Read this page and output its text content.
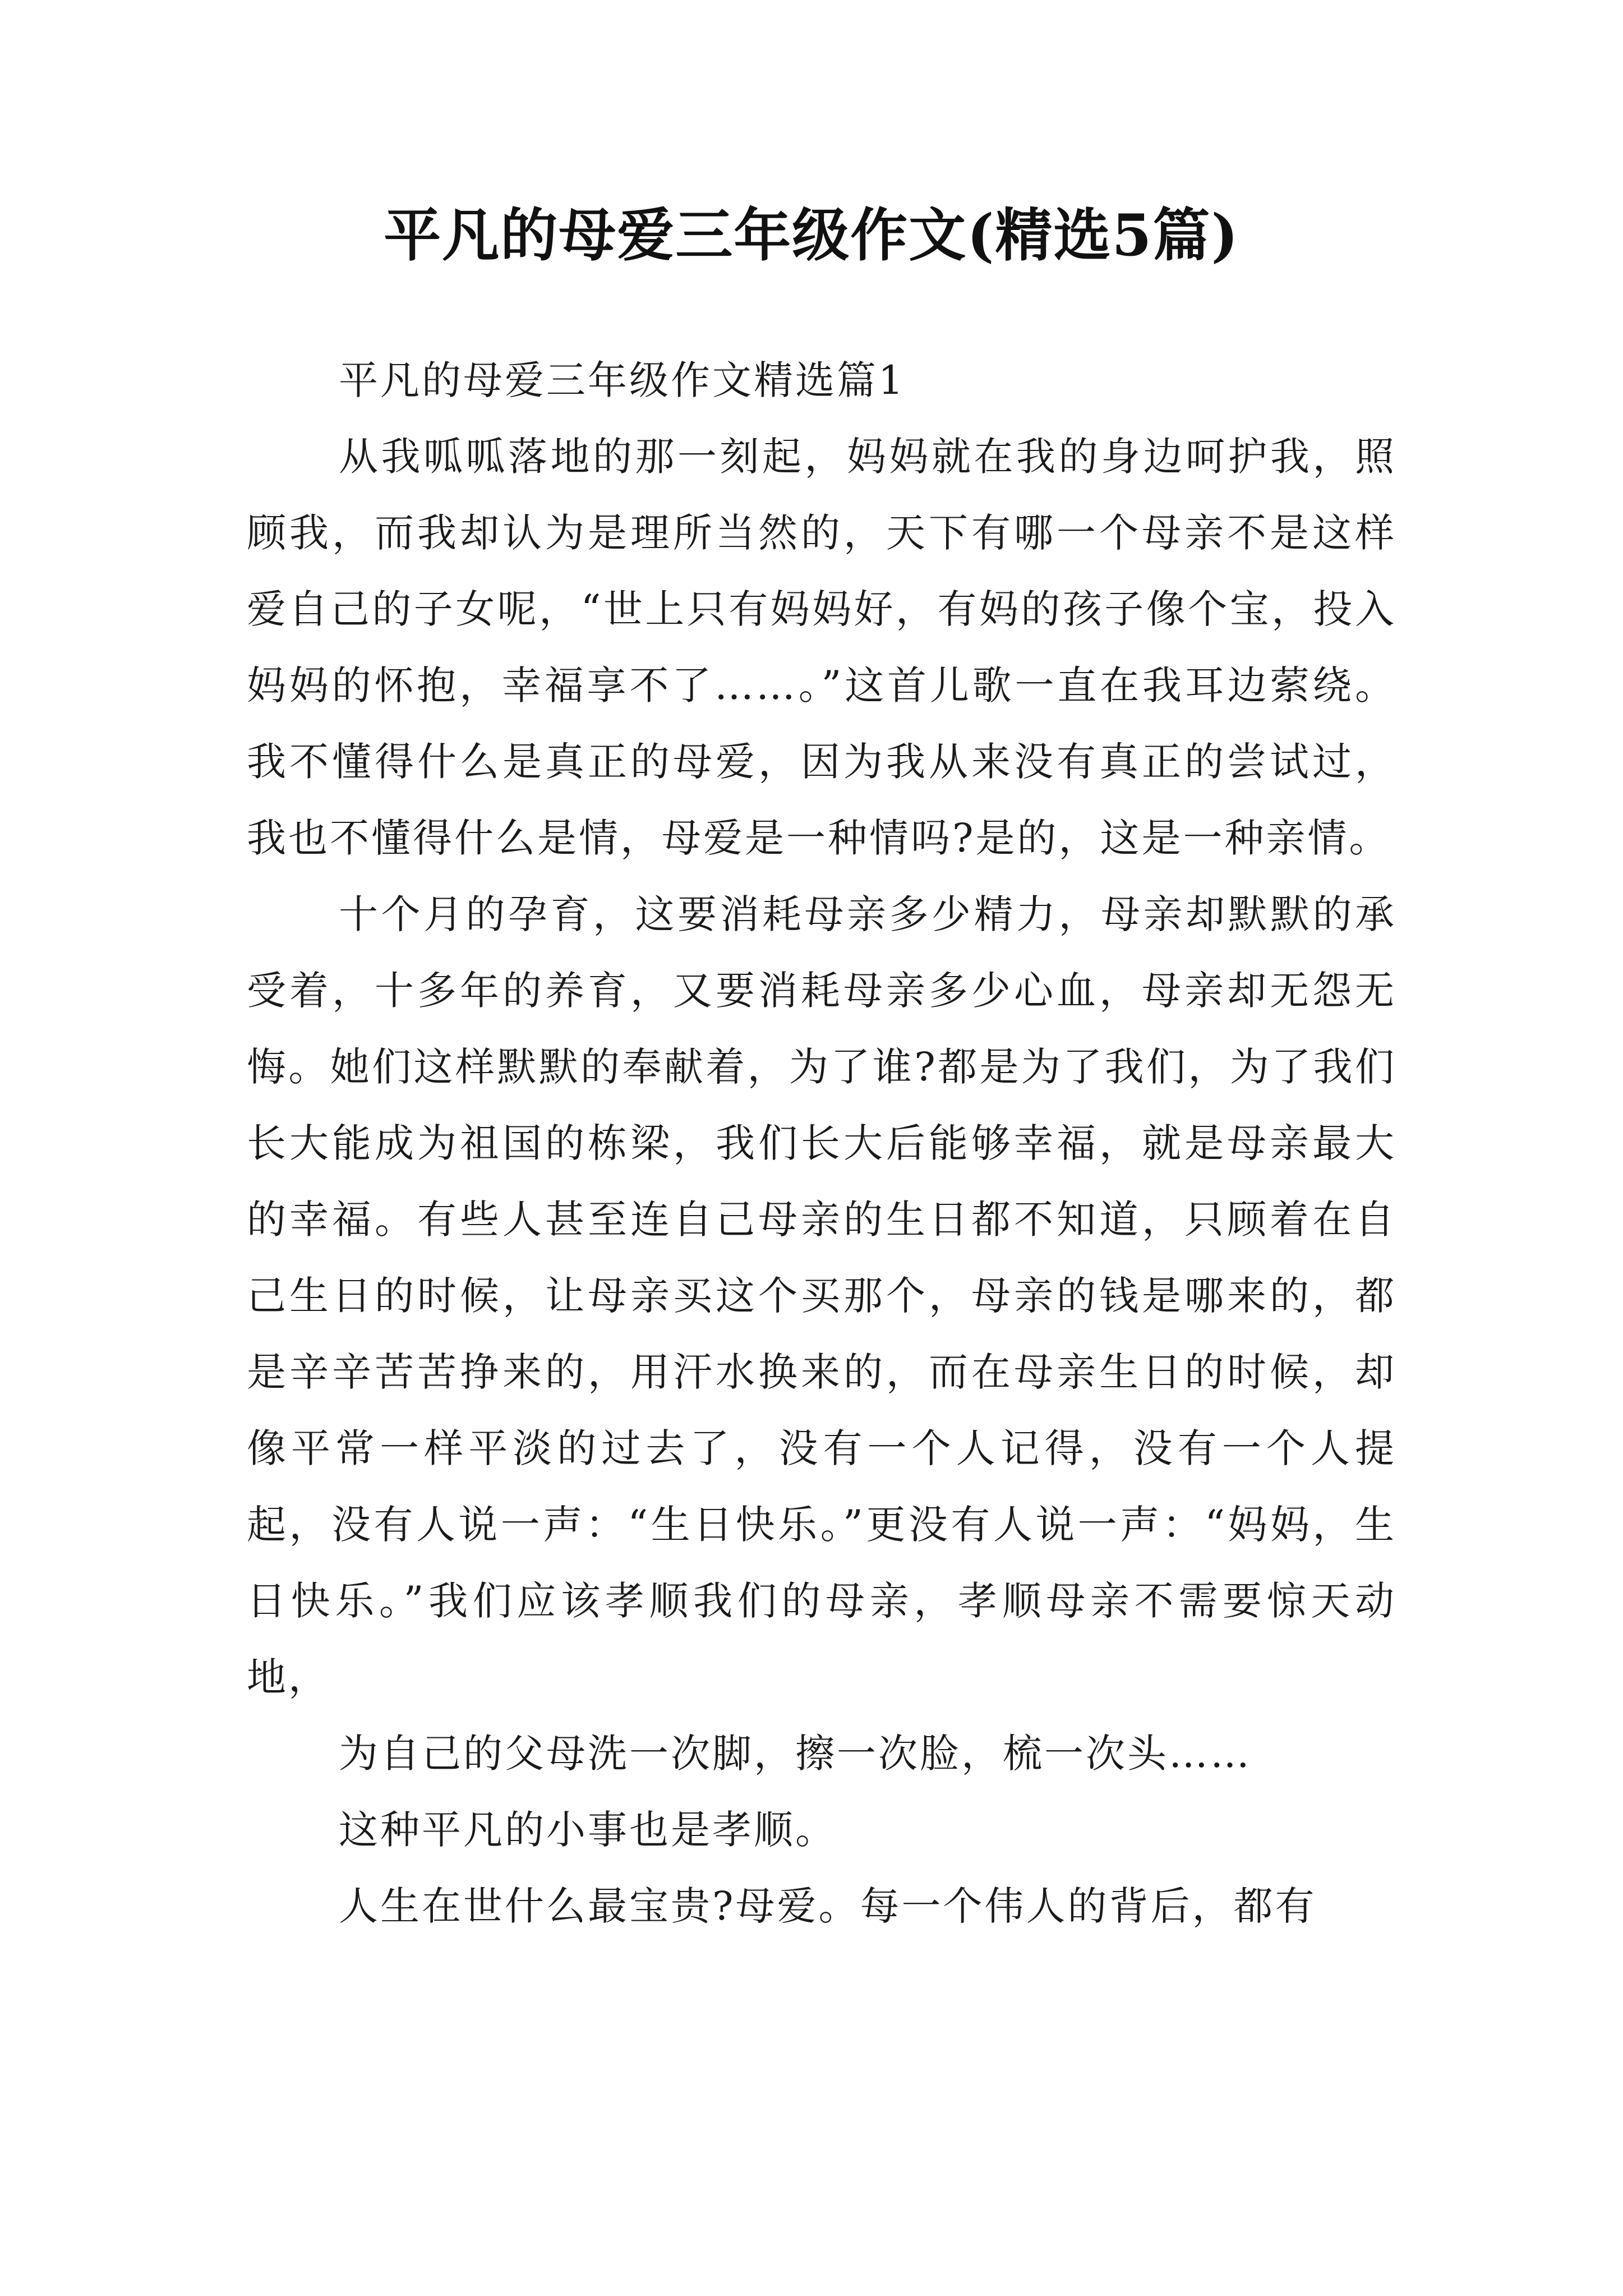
平凡的母爱三年级作文(精选5篇)

平凡的母爱三年级作文精选篇1

从我呱呱落地的那一刻起，妈妈就在我的身边呵护我，照顾我，而我却认为是理所当然的，天下有哪一个母亲不是这样爱自己的子女呢，“世上只有妈妈好，有妈的孩子像个宝，投入妈妈的怀抱，幸福享不了……。”这首儿歌一直在我耳边萦绕。我不懂得什么是真正的母爱，因为我从来没有真正的尝试过，我也不懂得什么是情，母爱是一种情吗?是的，这是一种亲情。

十个月的孕育，这要消耗母亲多少精力，母亲却默默的承受着，十多年的养育，又要消耗母亲多少心血，母亲却无怨无悔。她们这样默默的奉献着，为了谁?都是为了我们，为了我们长大能成为祖国的栋梁，我们长大后能够幸福，就是母亲最大的幸福。有些人甚至连自己母亲的生日都不知道，只顾着在自己生日的时候，让母亲买这个买那个，母亲的钱是哪来的，都是辛辛苦苦挣来的，用汗水换来的，而在母亲生日的时候，却像平常一样平淡的过去了，没有一个人记得，没有一个人提起，没有人说一声：“生日快乐。”更没有人说一声：“妈妈，生日快乐。”我们应该孝顺我们的母亲，孝顺母亲不需要惊天动地，

为自己的父母洗一次脚，擦一次脸，梳一次头……

这种平凡的小事也是孝顺。

人生在世什么最宝贵?母爱。每一个伟人的背后，都有
